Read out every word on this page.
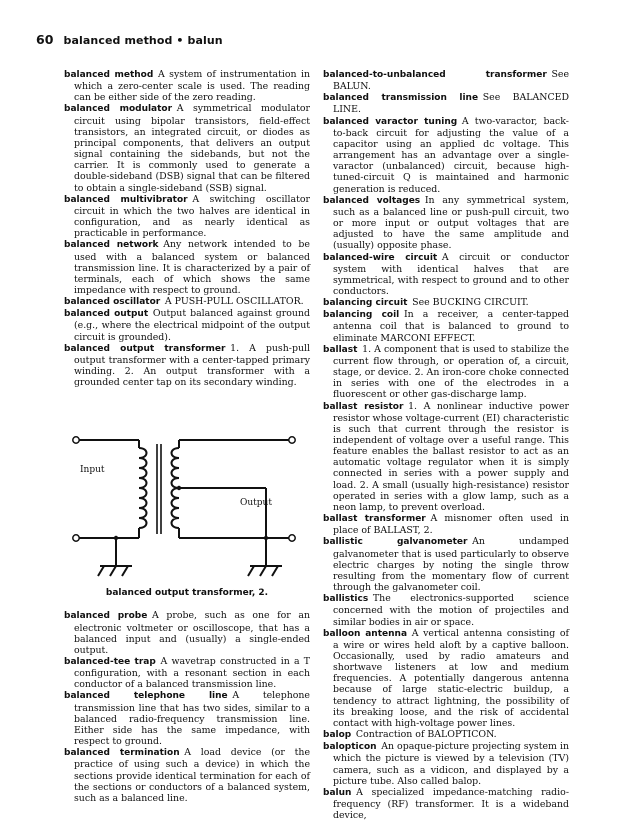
60 balanced method • balun

balanced method  A system of instrumentation in which a zero-center scale is used. The reading can be either side of the zero reading.

balanced modulator  A symmetrical modulator circuit using bipolar transistors, field-effect transistors, an integrated circuit, or diodes as principal components, that delivers an output signal containing the sidebands, but not the carrier. It is commonly used to generate a double-sideband (DSB) signal that can be filtered to obtain a single-sideband (SSB) signal.

balanced multivibrator  A switching oscillator circuit in which the two halves are identical in configuration, and as nearly identical as practicable in performance.

balanced network  Any network intended to be used with a balanced system or balanced transmission line. It is characterized by a pair of terminals, each of which shows the same impedance with respect to ground.

balanced oscillator  A PUSH-PULL OSCILLATOR.

balanced output  Output balanced against ground (e.g., where the electrical midpoint of the output circuit is grounded).

balanced output transformer  1. A push-pull output transformer with a center-tapped primary winding. 2. An output transformer with a grounded center tap on its secondary winding.

Input
Output
balanced output transformer, 2.

balanced probe  A probe, such as one for an electronic voltmeter or oscilloscope, that has a balanced input and (usually) a single-ended output.

balanced-tee trap  A wavetrap constructed in a T configuration, with a resonant section in each conductor of a balanced transmission line.

balanced telephone line  A telephone transmission line that has two sides, similar to a balanced radio-frequency transmission line. Either side has the same impedance, with respect to ground.

balanced termination  A load device (or the practice of using such a device) in which the sections provide identical termination for each of the sections or conductors of a balanced system, such as a balanced line.

balanced-to-unbalanced transformer  See BALUN.

balanced transmission line  See BALANCED LINE.

balanced varactor tuning  A two-varactor, back-to-back circuit for adjusting the value of a capacitor using an applied dc voltage. This arrangement has an advantage over a single-varactor (unbalanced) circuit, because high-tuned-circuit Q is maintained and harmonic generation is reduced.

balanced voltages  In any symmetrical system, such as a balanced line or push-pull circuit, two or more input or output voltages that are adjusted to have the same amplitude and (usually) opposite phase.

balanced-wire circuit  A circuit or conductor system with identical halves that are symmetrical, with respect to ground and to other conductors.

balancing circuit  See BUCKING CIRCUIT.

balancing coil  In a receiver, a center-tapped antenna coil that is balanced to ground to eliminate MARCONI EFFECT.

ballast  1. A component that is used to stabilize the current flow through, or operation of, a circuit, stage, or device. 2. An iron-core choke connected in series with one of the electrodes in a fluorescent or other gas-discharge lamp.

ballast resistor  1. A nonlinear inductive power resistor whose voltage-current (EI) characteristic is such that current through the resistor is independent of voltage over a useful range. This feature enables the ballast resistor to act as an automatic voltage regulator when it is simply connected in series with a power supply and load. 2. A small (usually high-resistance) resistor operated in series with a glow lamp, such as a neon lamp, to prevent overload.

ballast transformer  A misnomer often used in place of BALLAST, 2.

ballistic galvanometer  An undamped galvanometer that is used particularly to observe electric charges by noting the single throw resulting from the momentary flow of current through the galvanometer coil.

ballistics  The electronics-supported science concerned with the motion of projectiles and similar bodies in air or space.

balloon antenna  A vertical antenna consisting of a wire or wires held aloft by a captive balloon. Occasionally, used by radio amateurs and shortwave listeners at low and medium frequencies. A potentially dangerous antenna because of large static-electric buildup, a tendency to attract lightning, the possibility of its breaking loose, and the risk of accidental contact with high-voltage power lines.

balop  Contraction of BALOPTICON.

balopticon  An opaque-picture projecting system in which the picture is viewed by a television (TV) camera, such as a vidicon, and displayed by a picture tube. Also called balop.

balun  A specialized impedance-matching radio-frequency (RF) transformer. It is a wideband device,
